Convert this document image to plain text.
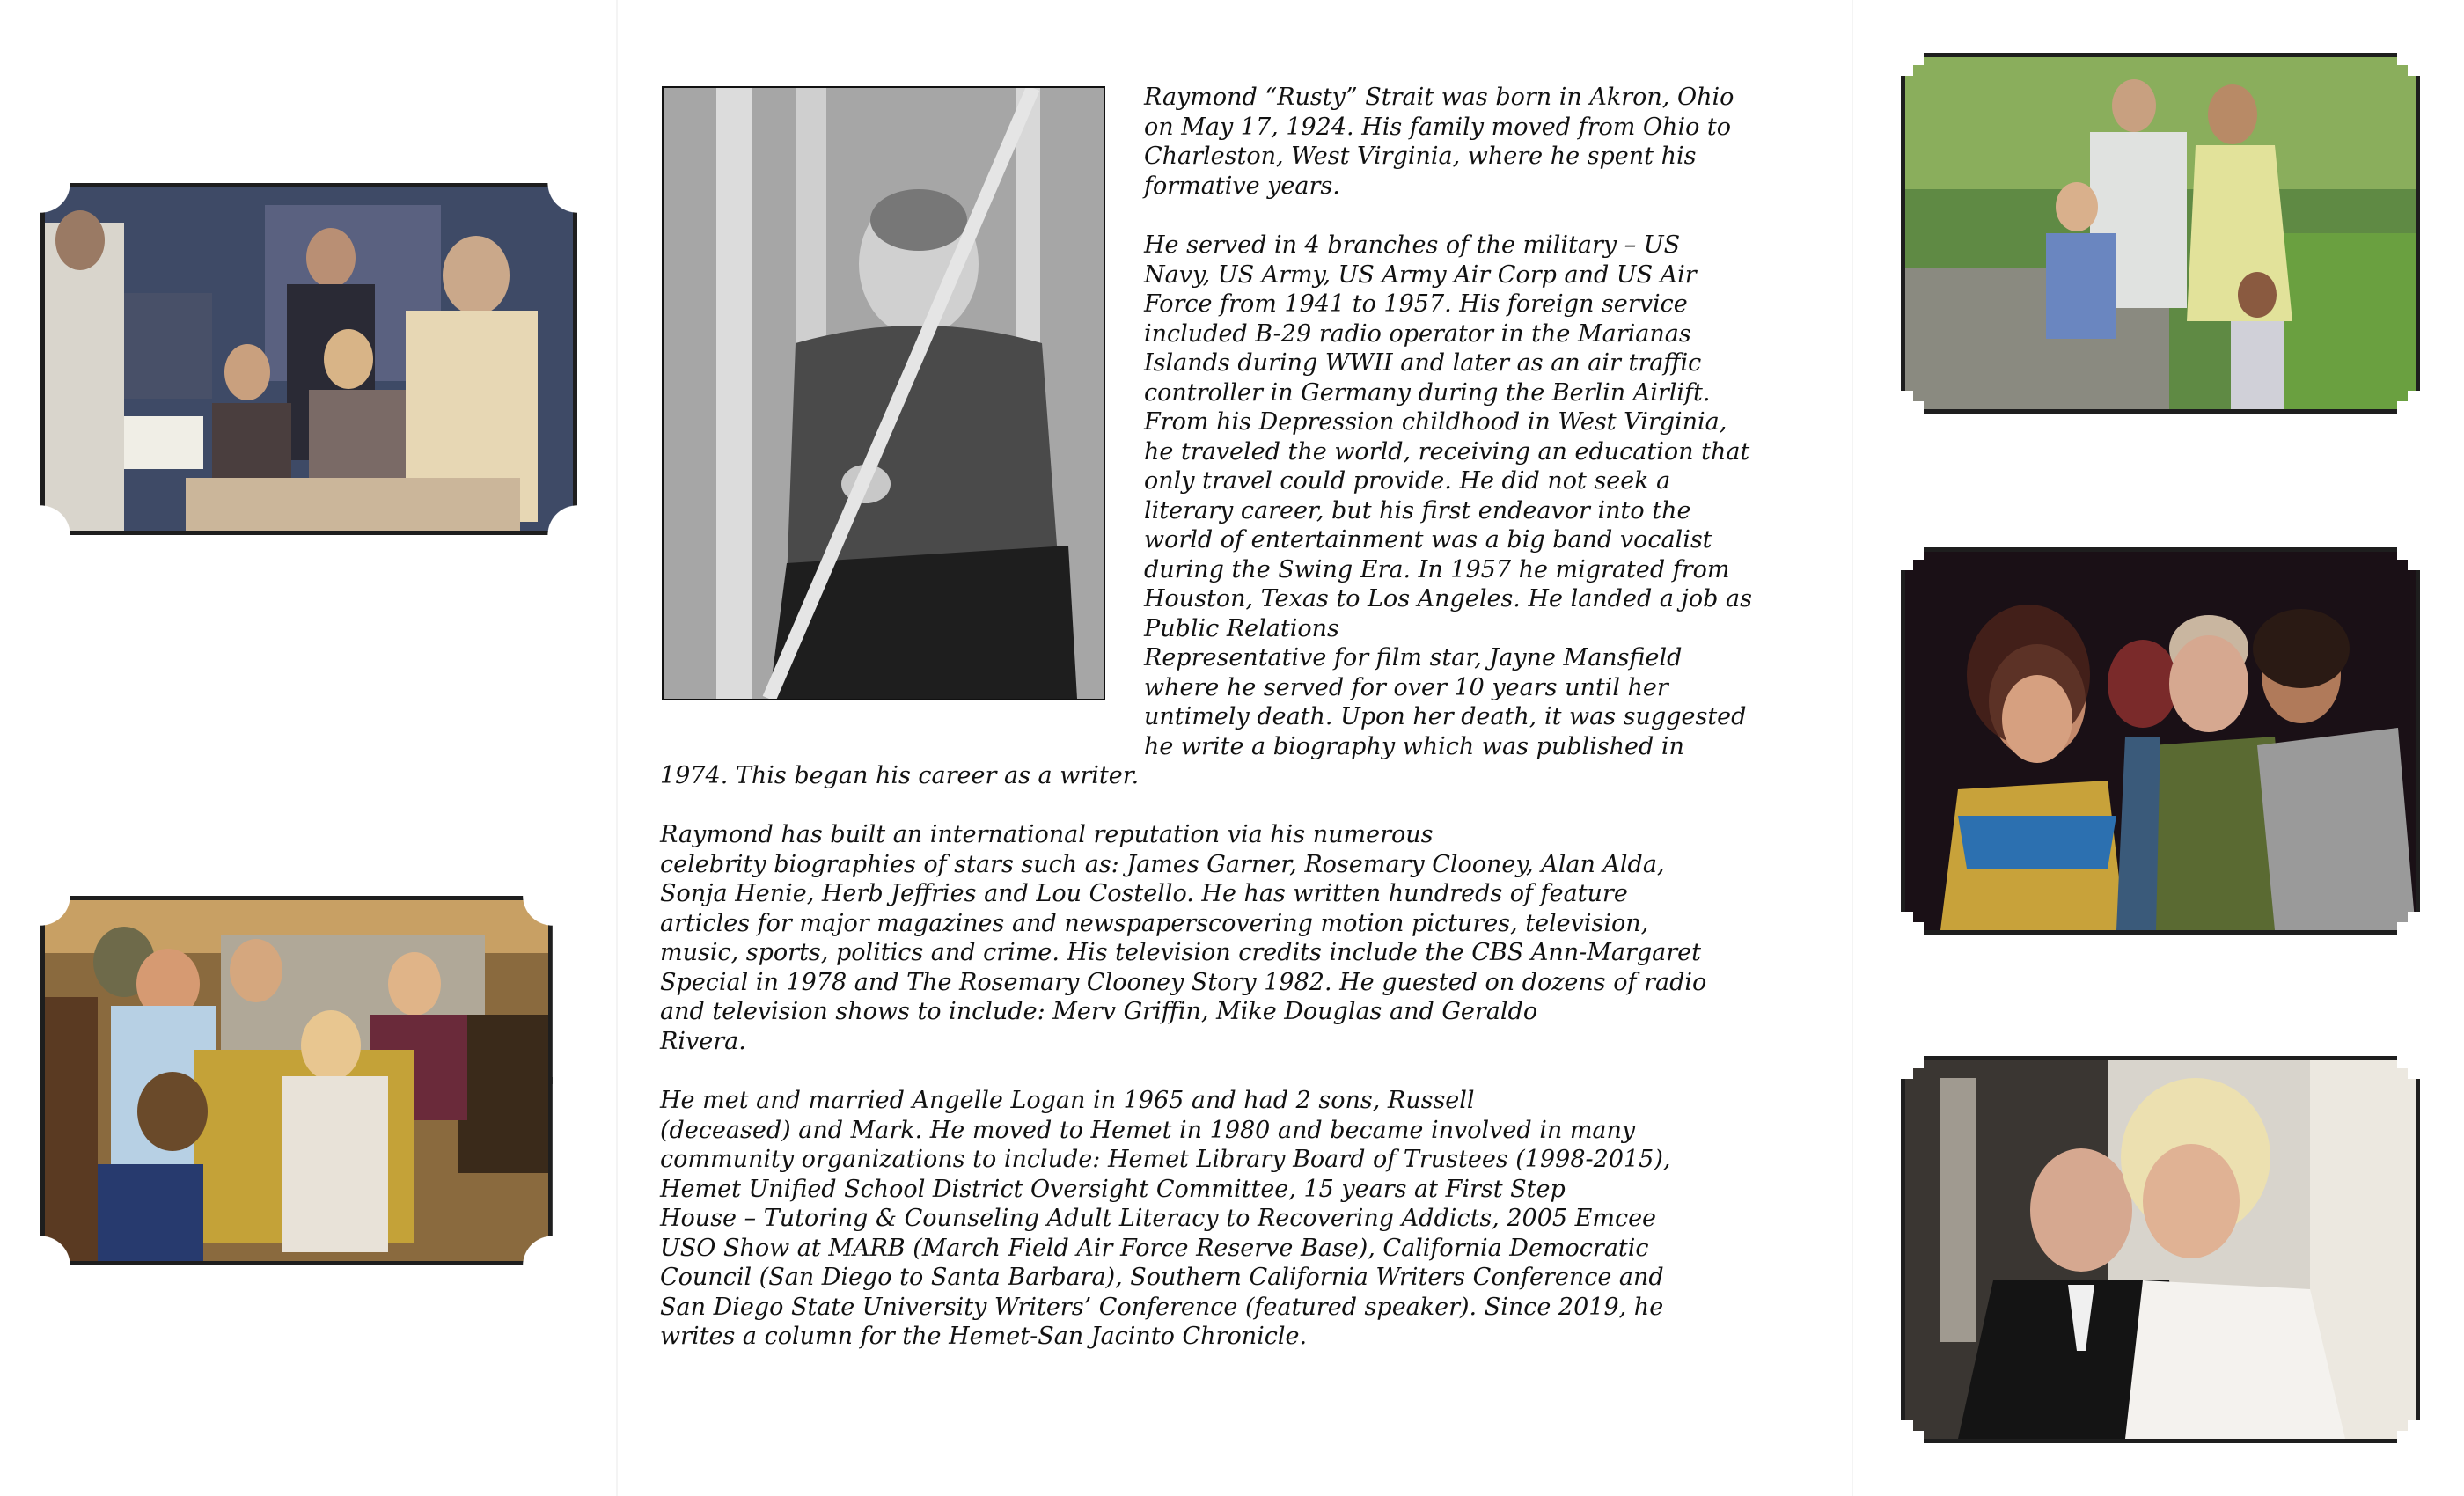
Raymond “Rusty” Strait was born in Akron, Ohio
on May 17, 1924. His family moved from Ohio to
Charleston, West Virginia, where he spent his
formative years.
He served in 4 branches of the military – US
Navy, US Army, US Army Air Corp and US Air
Force from 1941 to 1957. His foreign service
included B-29 radio operator in the Marianas
Islands during WWII and later as an air traffic
controller in Germany during the Berlin Airlift.
From his Depression childhood in West Virginia,
he traveled the world, receiving an education that
only travel could provide. He did not seek a
literary career, but his first endeavor into the
world of entertainment was a big band vocalist
during the Swing Era. In 1957 he migrated from
Houston, Texas to Los Angeles. He landed a job as
Public Relations
Representative for film star, Jayne Mansfield
where he served for over 10 years until her
untimely death. Upon her death, it was suggested
he write a biography which was published in
1974. This began his career as a writer.
Raymond has built an international reputation via his numerous
celebrity biographies of stars such as: James Garner, Rosemary Clooney, Alan Alda,
Sonja Henie, Herb Jeffries and Lou Costello. He has written hundreds of feature
articles for major magazines and newspaperscovering motion pictures, television,
music, sports, politics and crime. His television credits include the CBS Ann-Margaret
Special in 1978 and The Rosemary Clooney Story 1982. He guested on dozens of radio
and television shows to include: Merv Griffin, Mike Douglas and Geraldo
Rivera.
He met and married Angelle Logan in 1965 and had 2 sons, Russell
(deceased) and Mark. He moved to Hemet in 1980 and became involved in many
community organizations to include: Hemet Library Board of Trustees (1998-2015),
Hemet Unified School District Oversight Committee, 15 years at First Step
House – Tutoring & Counseling Adult Literacy to Recovering Addicts, 2005 Emcee
USO Show at MARB (March Field Air Force Reserve Base), California Democratic
Council (San Diego to Santa Barbara), Southern California Writers Conference and
San Diego State University Writers’ Conference (featured speaker). Since 2019, he
writes a column for the Hemet-San Jacinto Chronicle.
